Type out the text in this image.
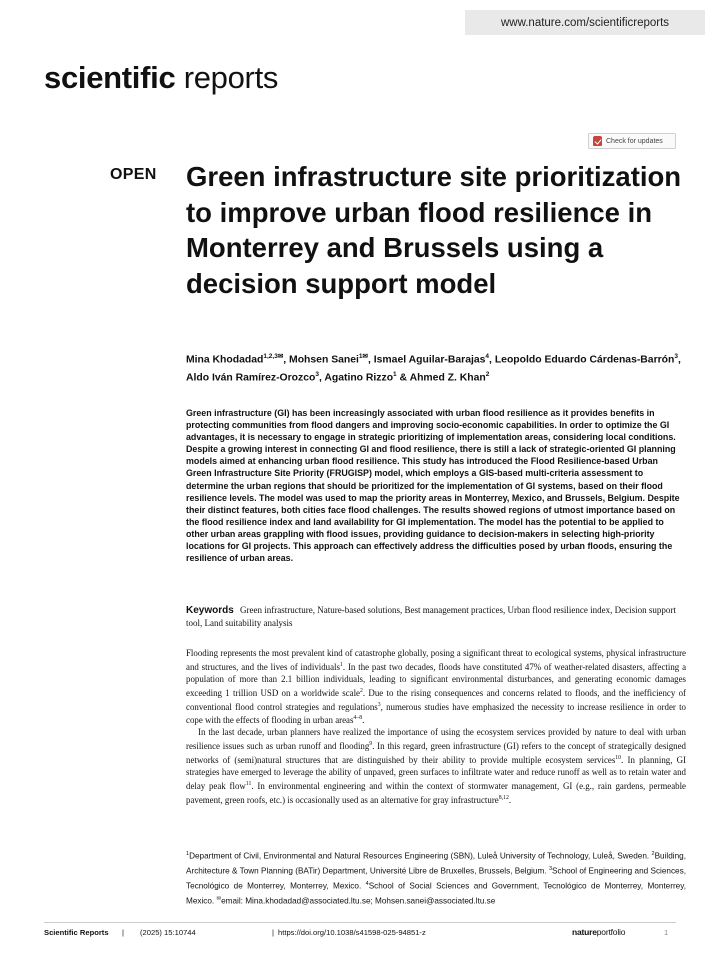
www.nature.com/scientificreports
scientific reports
Check for updates
OPEN Green infrastructure site prioritization to improve urban flood resilience in Monterrey and Brussels using a decision support model
Mina Khodadad$^{1,2,3✉}$, Mohsen Sanei$^{1✉}$, Ismael Aguilar-Barajas$^4$, Leopoldo Eduardo Cárdenas-Barrón$^3$, Aldo Iván Ramírez-Orozco$^3$, Agatino Rizzo$^1$ & Ahmed Z. Khan$^2$
Green infrastructure (GI) has been increasingly associated with urban flood resilience as it provides benefits in protecting communities from flood dangers and improving socio-economic capabilities. In order to optimize the GI advantages, it is necessary to engage in strategic prioritizing of implementation areas, considering local conditions. Despite a growing interest in connecting GI and flood resilience, there is still a lack of strategic-oriented GI planning models aimed at enhancing urban flood resilience. This study has introduced the Flood Resilience-based Urban Green Infrastructure Site Priority (FRUGISP) model, which employs a GIS-based multi-criteria assessment to determine the urban regions that should be prioritized for the implementation of GI systems, based on their flood resilience levels. The model was used to map the priority areas in Monterrey, Mexico, and Brussels, Belgium. Despite their distinct features, both cities face flood challenges. The results showed regions of utmost importance based on the flood resilience index and land availability for GI implementation. The model has the potential to be applied to other urban areas grappling with flood issues, providing guidance to decision-makers in selecting high-priority locations for GI projects. This approach can effectively address the difficulties posed by urban floods, ensuring the resilience of urban areas.
Keywords Green infrastructure, Nature-based solutions, Best management practices, Urban flood resilience index, Decision support tool, Land suitability analysis

Flooding represents the most prevalent kind of catastrophe globally, posing a significant threat to ecological systems, physical infrastructure and structures, and the lives of individuals$^1$. In the past two decades, floods have constituted 47% of weather-related disasters, affecting a population of more than 2.1 billion individuals, leading to significant environmental disturbances, and generating economic damages exceeding 1 trillion USD on a worldwide scale$^2$. Due to the rising consequences and concerns related to floods, and the inefficiency of conventional flood control strategies and regulations$^3$, numerous studies have emphasized the necessity to increase resilience in order to cope with the effects of flooding in urban areas$^{4-8}$.

In the last decade, urban planners have realized the importance of using the ecosystem services provided by nature to deal with urban resilience issues such as urban runoff and flooding$^9$. In this regard, green infrastructure (GI) refers to the concept of strategically designed networks of (semi)natural structures that are distinguished by their ability to provide multiple ecosystem services$^{10}$. In planning, GI strategies have emerged to leverage the ability of unpaved, green surfaces to infiltrate water and reduce runoff as well as to retain water and delay peak flow$^{11}$. In environmental engineering and within the context of stormwater management, GI (e.g., rain gardens, permeable pavement, green roofs, etc.) is occasionally used as an alternative for gray infrastructure$^{8,12}$.

$^1$Department of Civil, Environmental and Natural Resources Engineering (SBN), Luleå University of Technology, Luleå, Sweden. $^2$Building, Architecture & Town Planning (BATir) Department, Université Libre de Bruxelles, Brussels, Belgium. $^3$School of Engineering and Sciences, Tecnológico de Monterrey, Monterrey, Mexico. $^4$School of Social Sciences and Government, Tecnológico de Monterrey, Monterrey, Mexico. ✉email: Mina.khodadad@associated.ltu.se; Mohsen.sanei@associated.ltu.se
Scientific Reports | (2025) 15:10744	| https://doi.org/10.1038/s41598-025-94851-z	natureportfolio	1
